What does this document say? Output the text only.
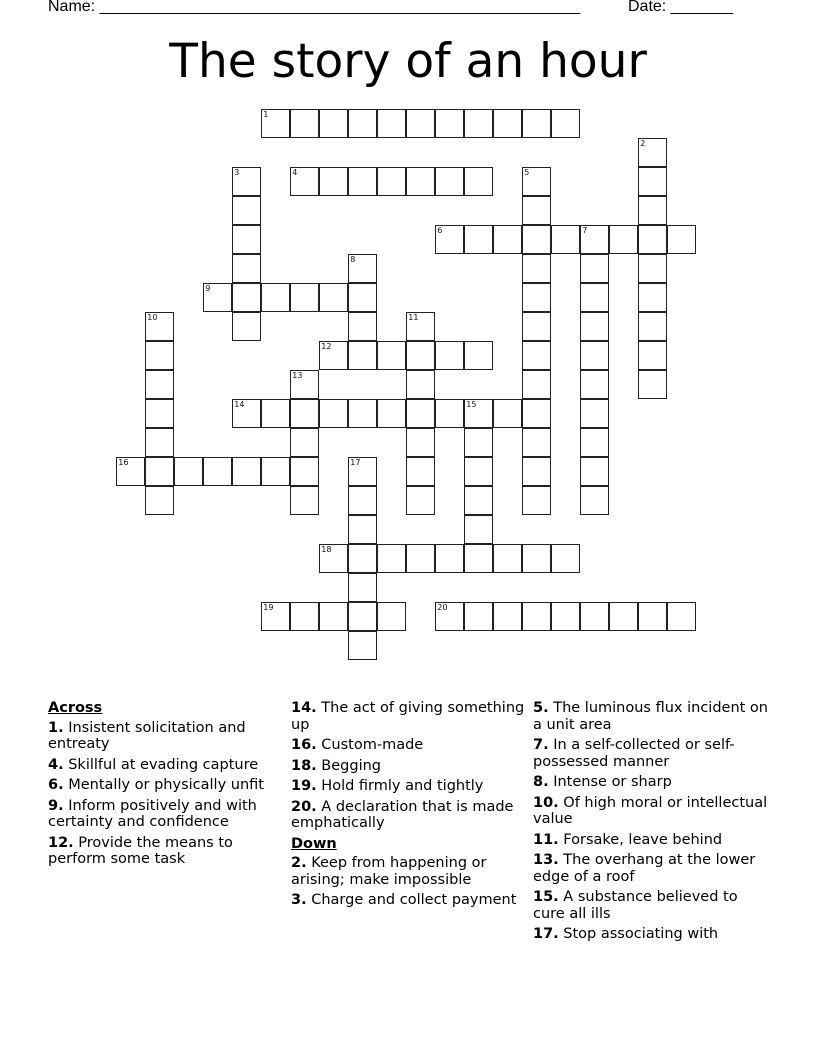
Name: ______________________________________________________	Date: _______
The story of an hour
1
2
3	4	5
6	7
8
9
10	11
12
13
14	15
16	17
18
19	20
Across
1. Insistent solicitation and entreaty
4. Skillful at evading capture
6. Mentally or physically unfit
9. Inform positively and with certainty and confidence
12. Provide the means to perform some task
14. The act of giving something up
16. Custom-made
18. Begging
19. Hold firmly and tightly
20. A declaration that is made emphatically
Down
2. Keep from happening or arising; make impossible
3. Charge and collect payment
5. The luminous flux incident on a unit area
7. In a self-collected or self-possessed manner
8. Intense or sharp
10. Of high moral or intellectual value
11. Forsake, leave behind
13. The overhang at the lower edge of a roof
15. A substance believed to cure all ills
17. Stop associating with
